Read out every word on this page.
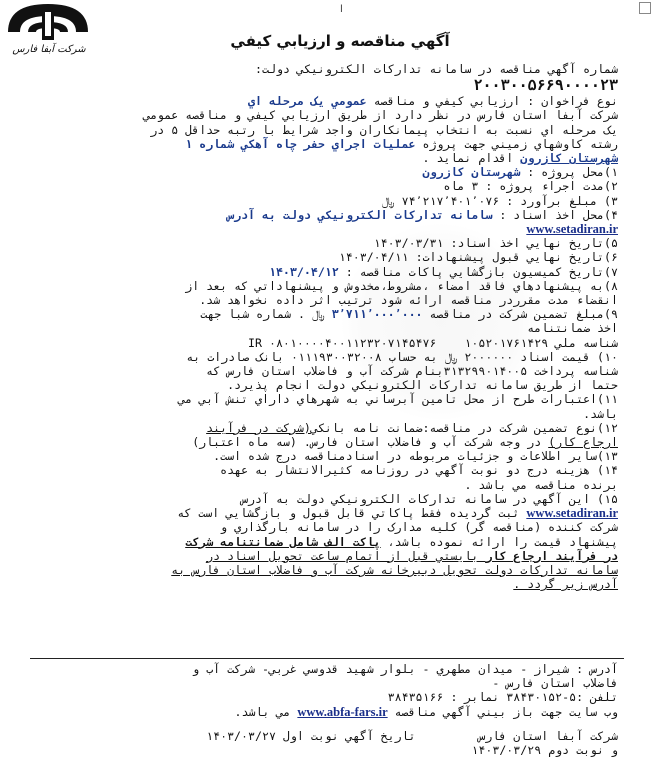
شرکت آبفا فارس
ا
آگهي مناقصه و ارزيابي کيفي

شماره آگهي مناقصه در سامانه تدارکات الکترونيکي دولت:

۲۰۰۳۰۰۵۶۶۹۰۰۰۰۲۳

نوع فراخوان : ارزيابي کيفي و مناقصه عمومي يک مرحله اي

شرکت آبفا استان فارس در نظر دارد از طريق ارزيابي کيفي و مناقصه عمومي

يک مرحله اي نسبت به انتخاب پيمانکاران واجد شرايط با رتبه حداقل ۵ در

رشته کاوشهاي زميني جهت پروژه عمليات اجراي حفر چاه آهکي شماره ۱

شهرستان کازرون اقدام نمايد .

۱)محل پروژه : شهرستان کازرون

۲)مدت اجراء پروژه : ۳ ماه

۳) مبلغ برآورد : ۷۴٬۲۱۷٬۴۰۱٬۰۷۶ ﷼

۴)محل اخذ اسناد : سامانه تدارکات الکترونيکي دولت به آدرس

www.setadiran.ir

۵)تاريخ نهايي اخذ اسناد: ۱۴۰۳/۰۳/۳۱

۶)تاريخ نهايي قبول پيشنهادات: ۱۴۰۳/۰۴/۱۱

۷)تاريخ کميسيون بازگشايي پاکات مناقصه : ۱۴۰۳/۰۴/۱۲

۸)به پيشنهادهاي فاقد امضاء ،مشروط،مخدوش و پيشنهاداتي که بعد از

انقضاء مدت مقرردر مناقصه ارائه شود ترتيب اثر داده نخواهد شد.

۹)مبلغ تضمين شرکت در مناقصه ۳٬۷۱۱٬۰۰۰٬۰۰۰ ﷼ . شماره شبا جهت

اخذ ضمانتنامه

شناسه ملي ۱۰۵۲۰۱۷۶۱۴۲۹    IR ۰۸۰۱۰۰۰۰۴۰۰۱۱۲۳۲۰۷۱۴۵۴۷۶

۱۰) قيمت اسناد ۲۰۰۰۰۰۰ ﷼ به حساب ۰۱۱۱۹۳۰۰۳۲۰۰۸ بانک صادرات به

شناسه پرداخت ۳۱۳۲۹۹۰۱۴۰۰۵بنام شرکت آب و فاضلاب استان فارس که

حتما از طريق سامانه تدارکات الکترونيکي دولت انجام پذيرد.

۱۱)اعتبارات طرح از محل تامين آبرساني به شهرهاي داراي تنش آبي مي

باشد.

۱۲)نوع تضمين شرکت در مناقصه:ضمانت نامه بانکي(شرکت در فرآيند

ارجاع کار) در وجه شرکت آب و فاضلاب استان فارس. (سه ماه اعتبار)

۱۳)ساير اطلاعات و جزئيات مربوطه در اسنادمناقصه درج شده است.

۱۴) هزينه درج دو نوبت آگهي در روزنامه کثيرالانتشار به عهده

برنده مناقصه مي باشد .

۱۵) اين آگهي در سامانه تدارکات الکترونيکي دولت به آدرس

www.setadiran.ir ثبت گرديده فقط پاکاتي قابل قبول و بازگشايي است که

شرکت کننده (مناقصه گر) کليه مدارک را در سامانه بارگذاري و

پيشنهاد قيمت را ارائه نموده باشد، پاکت الف شامل ضمانتنامه شرکت

در فرآيند ارجاع کار بايستي قبل از اتمام ساعت تحويل اسناد در

سامانه تدارکات دولت تحويل دبيرخانه شرکت آب و فاضلاب استان فارس به

آدرس زير گردد .

آدرس : شيراز - ميدان مطهري - بلوار شهيد قدوسي غربي- شرکت آب و

فاضلاب استان فارس -

تلفن :۵-۳۸۴۳۰۱۵۲ نمابر : ۳۸۴۳۵۱۶۶

وب سايت جهت باز بيني آگهي مناقصه www.abfa-fars.ir مي باشد.

شرکت آبفا استان فارس         تاريخ آگهي نوبت اول ۱۴۰۳/۰۳/۲۷

و نوبت دوم ۱۴۰۳/۰۳/۲۹
